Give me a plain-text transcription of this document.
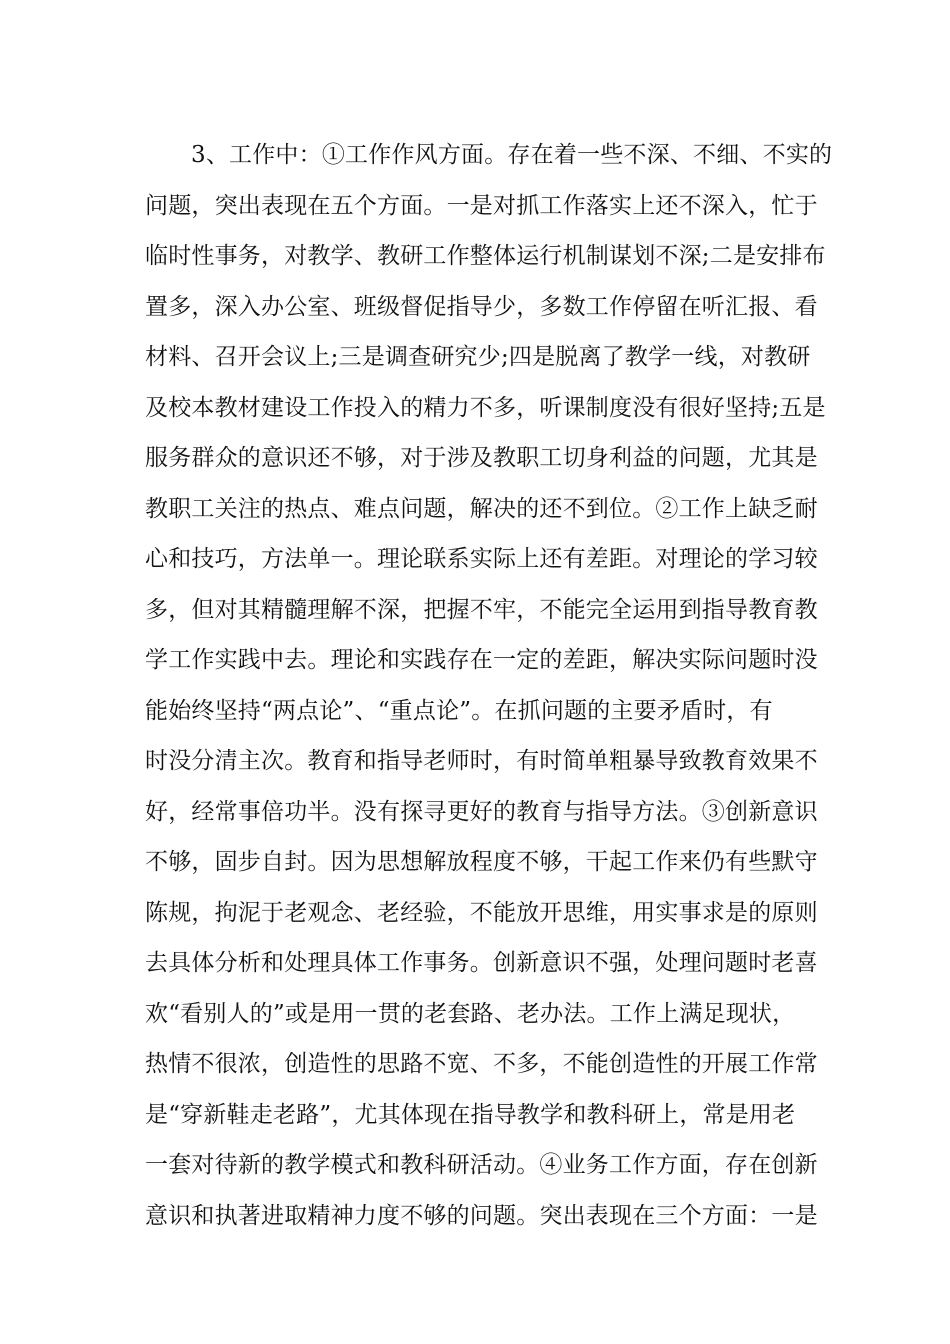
3、工作中：①工作作风方面。存在着一些不深、不细、不实的
问题，突出表现在五个方面。一是对抓工作落实上还不深入，忙于
临时性事务，对教学、教研工作整体运行机制谋划不深;二是安排布
置多，深入办公室、班级督促指导少，多数工作停留在听汇报、看
材料、召开会议上;三是调查研究少;四是脱离了教学一线，对教研
及校本教材建设工作投入的精力不多，听课制度没有很好坚持;五是
服务群众的意识还不够，对于涉及教职工切身利益的问题，尤其是
教职工关注的热点、难点问题，解决的还不到位。②工作上缺乏耐
心和技巧，方法单一。理论联系实际上还有差距。对理论的学习较
多，但对其精髓理解不深，把握不牢，不能完全运用到指导教育教
学工作实践中去。理论和实践存在一定的差距，解决实际问题时没
能始终坚持“两点论”、“重点论”。在抓问题的主要矛盾时，有
时没分清主次。教育和指导老师时，有时简单粗暴导致教育效果不
好，经常事倍功半。没有探寻更好的教育与指导方法。③创新意识
不够，固步自封。因为思想解放程度不够，干起工作来仍有些默守
陈规，拘泥于老观念、老经验，不能放开思维，用实事求是的原则
去具体分析和处理具体工作事务。创新意识不强，处理问题时老喜
欢“看别人的”或是用一贯的老套路、老办法。工作上满足现状，
热情不很浓，创造性的思路不宽、不多，不能创造性的开展工作常
是“穿新鞋走老路”，尤其体现在指导教学和教科研上，常是用老
一套对待新的教学模式和教科研活动。④业务工作方面，存在创新
意识和执著进取精神力度不够的问题。突出表现在三个方面：一是
